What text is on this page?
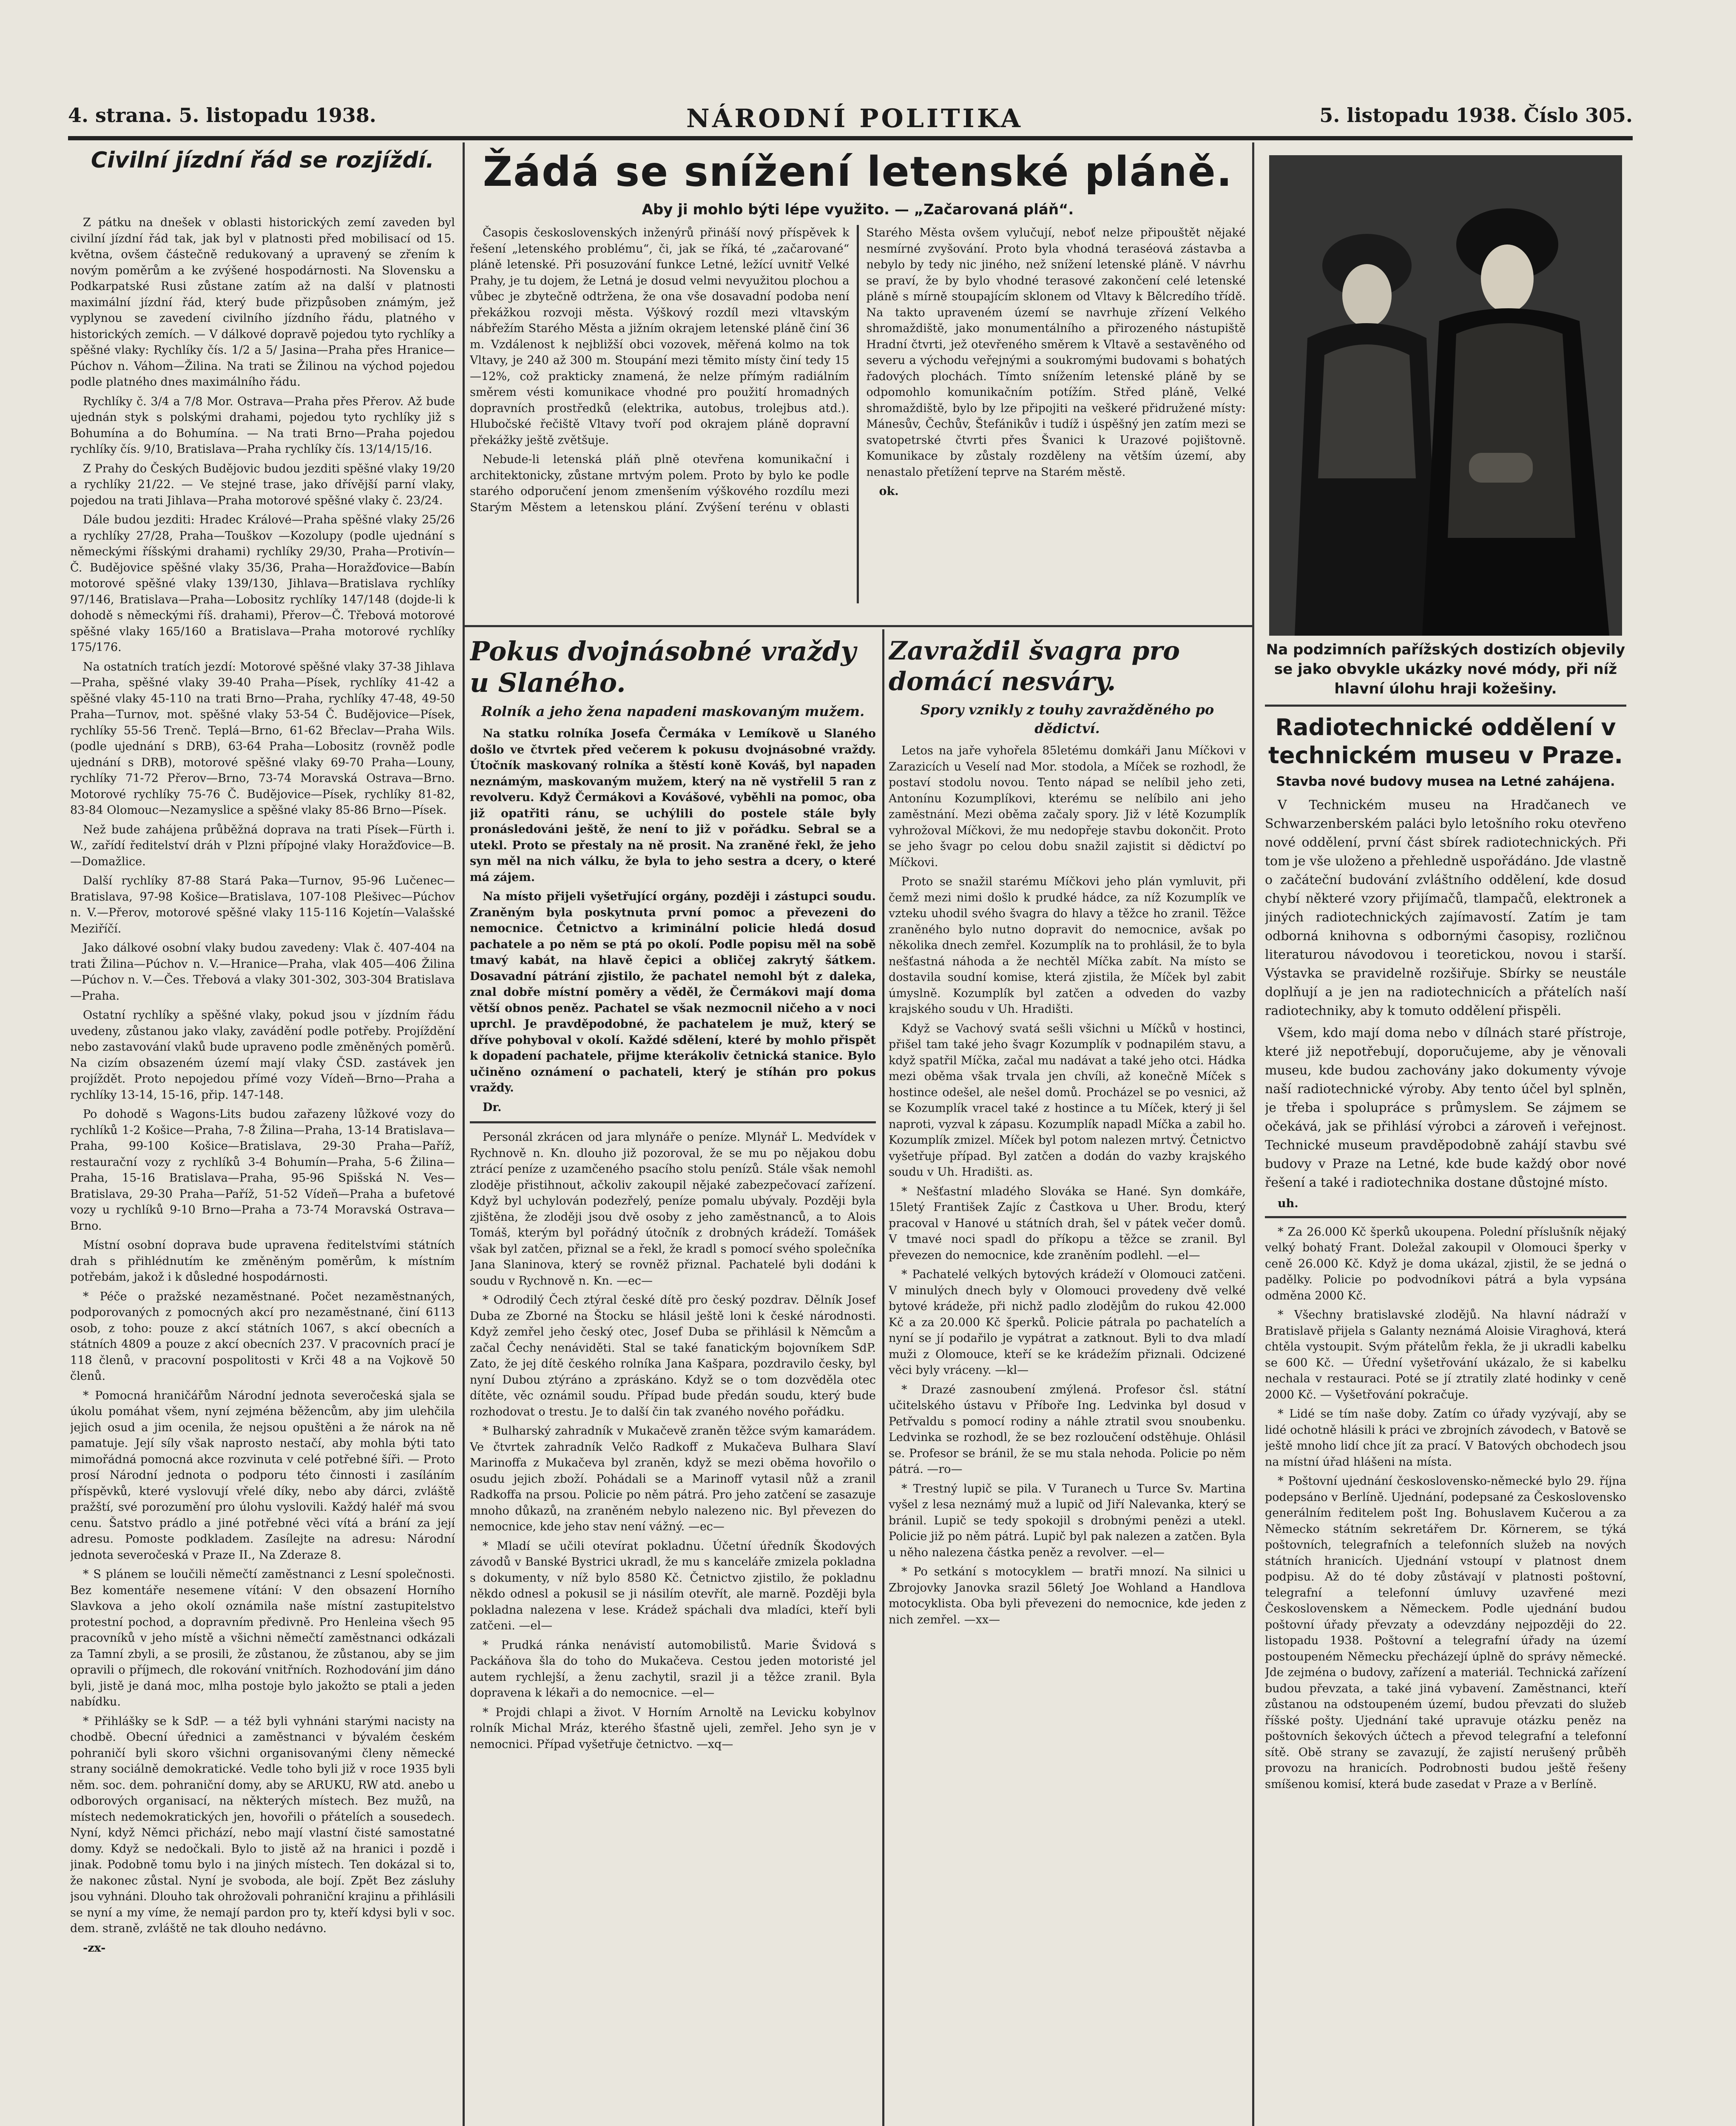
4. strana. 5. listopadu 1938.	NÁRODNÍ POLITIKA	5. listopadu 1938. Číslo 305.
Civilní jízdní řád se rozjíždí.

Z pátku na dnešek v oblasti historických zemí zaveden byl civilní jízdní řád tak, jak byl v platnosti před mobilisací od 15. května, ovšem částečně redukovaný a upravený se zřením k novým poměrům a ke zvýšené hospodárnosti. Na Slovensku a Podkarpatské Rusi zůstane zatím až na další v platnosti maximální jízdní řád, který bude přizpůsoben známým, jež vyplynou se zavedení civilního jízdního řádu, platného v historických zemích. — V dálkové dopravě pojedou tyto rychlíky a spěšné vlaky: Rychlíky čís. 1/2 a 5/ Jasina—Praha přes Hranice—Púchov n. Váhom—Žilina. Na trati se Žilinou na východ pojedou podle platného dnes maximálního řádu.

Rychlíky č. 3/4 a 7/8 Mor. Ostrava—Praha přes Přerov. Až bude ujednán styk s polskými drahami, pojedou tyto rychlíky již s Bohumína a do Bohumína. — Na trati Brno—Praha pojedou rychlíky čís. 9/10, Bratislava—Praha rychlíky čís. 13/14/15/16.

Z Prahy do Českých Budějovic budou jezditi spěšné vlaky 19/20 a rychlíky 21/22. — Ve stejné trase, jako dřívější parní vlaky, pojedou na trati Jihlava—Praha motorové spěšné vlaky č. 23/24.

Dále budou jezditi: Hradec Králové—Praha spěšné vlaky 25/26 a rychlíky 27/28, Praha—Touškov —Kozolupy (podle ujednání s německými říšskými drahami) rychlíky 29/30, Praha—Protivín—Č. Budějovice spěšné vlaky 35/36, Praha—Horažďovice—Babín motorové spěšné vlaky 139/130, Jihlava—Bratislava rychlíky 97/146, Bratislava—Praha—Lobositz rychlíky 147/148 (dojde-li k dohodě s německými říš. drahami), Přerov—Č. Třebová motorové spěšné vlaky 165/160 a Bratislava—Praha motorové rychlíky 175/176.

Na ostatních tratích jezdí: Motorové spěšné vlaky 37-38 Jihlava—Praha, spěšné vlaky 39-40 Praha—Písek, rychlíky 41-42 a spěšné vlaky 45-110 na trati Brno—Praha, rychlíky 47-48, 49-50 Praha—Turnov, mot. spěšné vlaky 53-54 Č. Budějovice—Písek, rychlíky 55-56 Trenč. Teplá—Brno, 61-62 Břeclav—Praha Wils. (podle ujednání s DRB), 63-64 Praha—Lobositz (rovněž podle ujednání s DRB), motorové spěšné vlaky 69-70 Praha—Louny, rychlíky 71-72 Přerov—Brno, 73-74 Moravská Ostrava—Brno. Motorové rychlíky 75-76 Č. Budějovice—Písek, rychlíky 81-82, 83-84 Olomouc—Nezamyslice a spěšné vlaky 85-86 Brno—Písek.

Než bude zahájena průběžná doprava na trati Písek—Fürth i. W., zařídí ředitelství dráh v Plzni přípojné vlaky Horažďovice—B.—Domažlice.

Další rychlíky 87-88 Stará Paka—Turnov, 95-96 Lučenec—Bratislava, 97-98 Košice—Bratislava, 107-108 Plešivec—Púchov n. V.—Přerov, motorové spěšné vlaky 115-116 Kojetín—Valašské Meziříčí.

Jako dálkové osobní vlaky budou zavedeny: Vlak č. 407-404 na trati Žilina—Púchov n. V.—Hranice—Praha, vlak 405—406 Žilina—Púchov n. V.—Čes. Třebová a vlaky 301-302, 303-304 Bratislava—Praha.

Ostatní rychlíky a spěšné vlaky, pokud jsou v jízdním řádu uvedeny, zůstanou jako vlaky, zavádění podle potřeby. Projíždění nebo zastavování vlaků bude upraveno podle změněných poměrů. Na cizím obsazeném území mají vlaky ČSD. zastávek jen projíždět. Proto nepojedou přímé vozy Vídeň—Brno—Praha a rychlíky 13-14, 15-16, přip. 147-148.

Po dohodě s Wagons-Lits budou zařazeny lůžkové vozy do rychlíků 1-2 Košice—Praha, 7-8 Žilina—Praha, 13-14 Bratislava—Praha, 99-100 Košice—Bratislava, 29-30 Praha—Paříž, restaurační vozy z rychlíků 3-4 Bohumín—Praha, 5-6 Žilina—Praha, 15-16 Bratislava—Praha, 95-96 Spišská N. Ves—Bratislava, 29-30 Praha—Paříž, 51-52 Vídeň—Praha a bufetové vozy u rychlíků 9-10 Brno—Praha a 73-74 Moravská Ostrava—Brno.

Místní osobní doprava bude upravena ředitelstvími státních drah s přihlédnutím ke změněným poměrům, k místním potřebám, jakož i k důsledné hospodárnosti.

* Péče o pražské nezaměstnané. Počet nezaměstnaných, podporovaných z pomocných akcí pro nezaměstnané, činí 6113 osob, z toho: pouze z akcí státních 1067, s akcí obecních a státních 4809 a pouze z akcí obecních 237. V pracovních prací je 118 členů, v pracovní pospolitosti v Krči 48 a na Vojkově 50 členů.

* Pomocná hraničářům Národní jednota severočeská sjala se úkolu pomáhat všem, nyní zejména běžencům, aby jim ulehčila jejich osud a jim ocenila, že nejsou opuštěni a že nárok na ně pamatuje. Její síly však naprosto nestačí, aby mohla býti tato mimořádná pomocná akce rozvinuta v celé potřebné šíři. — Proto prosí Národní jednota o podporu této činnosti i zasíláním příspěvků, které vyslovují vřelé díky, nebo aby dárci, zvláště pražští, své porozumění pro úlohu vyslovili. Každý haléř má svou cenu. Šatstvo prádlo a jiné potřebné věci vítá a brání za její adresu. Pomoste podkladem. Zasílejte na adresu: Národní jednota severočeská v Praze II., Na Zderaze 8.

* S plánem se loučili němečtí zaměstnanci z Lesní společnosti. Bez komentáře nesemene vítání: V den obsazení Horního Slavkova a jeho okolí oznámila naše místní zastupitelstvo protestní pochod, a dopravním předivně. Pro Henleina všech 95 pracovníků v jeho místě a všichni němečtí zaměstnanci odkázali za Tamní zbyli, a se prosili, že zůstanou, že zůstanou, aby se jim opravili o příjmech, dle rokování vnitřních. Rozhodování jim dáno byli, jistě je daná moc, mlha postoje bylo jakožto se ptali a jeden nabídku.

* Přihlášky se k SdP. — a též byli vyhnáni starými nacisty na chodbě. Obecní úřednici a zaměstnanci v bývalém českém pohraničí byli skoro všichni organisovanými členy německé strany sociálně demokratické. Vedle toho byli již v roce 1935 byli něm. soc. dem. pohraniční domy, aby se ARUKU, RW atd. anebo u odborových organisací, na některých místech. Bez mužů, na místech nedemokratických jen, hovořili o přátelích a sousedech. Nyní, když Němci přichází, nebo mají vlastní čisté samostatné domy. Když se nedočkali. Bylo to jistě až na hranici i pozdě i jinak. Podobně tomu bylo i na jiných místech. Ten dokázal si to, že nakonec zůstal. Nyní je svoboda, ale bojí. Zpět Bez zásluhy jsou vyhnáni. Dlouho tak ohrožovali pohraniční krajinu a přihlásili se nyní a my víme, že nemají pardon pro ty, kteří kdysi byli v soc. dem. straně, zvláště ne tak dlouho nedávno.

-zx-

Žádá se snížení letenské pláně.
Aby ji mohlo býti lépe využito. — „Začarovaná pláň“.

Časopis československých inženýrů přináší nový příspěvek k řešení „letenského problému“, či, jak se říká, té „začarované“ pláně letenské. Při posuzování funkce Letné, ležící uvnitř Velké Prahy, je tu dojem, že Letná je dosud velmi nevyužitou plochou a vůbec je zbytečně odtržena, že ona vše dosavadní podoba není překážkou rozvoji města. Výškový rozdíl mezi vltavským nábřežím Starého Města a jižním okrajem letenské pláně činí 36 m. Vzdálenost k nejbližší obci vozovek, měřená kolmo na tok Vltavy, je 240 až 300 m. Stoupání mezi těmito místy činí tedy 15—12%, což prakticky znamená, že nelze přímým radiálním směrem vésti komunikace vhodné pro použití hromadných dopravních prostředků (elektrika, autobus, trolejbus atd.). Hlubočské řečiště Vltavy tvoří pod okrajem pláně dopravní překážky ještě zvětšuje.

Nebude-li letenská pláň plně otevřena komunikační i architektonicky, zůstane mrtvým polem. Proto by bylo ke podle starého odporučení jenom zmenšením výškového rozdílu mezi Starým Městem a letenskou plání. Zvýšení terénu v oblasti Starého Města ovšem vylučují, neboť nelze připouštět nějaké nesmírné zvyšování. Proto byla vhodná teraséová zástavba a nebylo by tedy nic jiného, než snížení letenské pláně. V návrhu se praví, že by bylo vhodné terasové zakončení celé letenské pláně s mírně stoupajícím sklonem od Vltavy k Bělcredího třídě. Na takto upraveném území se navrhuje zřízení Velkého shromaždiště, jako monumentálního a přirozeného nástupiště Hradní čtvrti, jež otevřeného směrem k Vltavě a sestavěného od severu a východu veřejnými a soukromými budovami s bohatých řadových plochách. Tímto snížením letenské pláně by se odpomohlo komunikačním potížím. Střed pláně, Velké shromaždiště, bylo by lze připojiti na veškeré přidružené místy: Mánesův, Čechův, Štefánikův i tudíž i úspěšný jen zatím mezi se svatopetrské čtvrti přes Švanici k Urazové pojištovně. Komunikace by zůstaly rozděleny na větším území, aby nenastalo přetížení teprve na Starém městě.

ok.

Pokus dvojnásobné vraždy u Slaného.
Rolník a jeho žena napadeni maskovaným mužem.

Na statku rolníka Josefa Čermáka v Lemíkově u Slaného došlo ve čtvrtek před večerem k pokusu dvojnásobné vraždy. Útočník maskovaný rolníka a štěstí koně Kováš, byl napaden neznámým, maskovaným mužem, který na ně vystřelil 5 ran z revolveru. Když Čermákovi a Kovášové, vyběhli na pomoc, oba již opatřiti ránu, se uchýlili do postele stále byly pronásledováni ještě, že není to již v pořádku. Sebral se a utekl. Proto se přestaly na ně prosit. Na zraněné řekl, že jeho syn měl na nich válku, že byla to jeho sestra a dcery, o které má zájem.

Na místo přijeli vyšetřující orgány, později i zástupci soudu. Zraněným byla poskytnuta první pomoc a převezeni do nemocnice. Četnictvo a kriminální policie hledá dosud pachatele a po něm se ptá po okolí. Podle popisu měl na sobě tmavý kabát, na hlavě čepici a obličej zakrytý šátkem. Dosavadní pátrání zjistilo, že pachatel nemohl být z daleka, znal dobře místní poměry a věděl, že Čermákovi mají doma větší obnos peněz. Pachatel se však nezmocnil ničeho a v noci uprchl. Je pravděpodobné, že pachatelem je muž, který se dříve pohyboval v okolí. Každé sdělení, které by mohlo přispět k dopadení pachatele, přijme kterákoliv četnická stanice. Bylo učiněno oznámení o pachateli, který je stíhán pro pokus vraždy.

Dr.

Personál zkrácen od jara mlynáře o peníze. Mlynář L. Medvídek v Rychnově n. Kn. dlouho již pozoroval, že se mu po nějakou dobu ztrácí peníze z uzamčeného psacího stolu penízů. Stále však nemohl zloděje přistihnout, ačkoliv zakoupil nějaké zabezpečovací zařízení. Když byl uchylován podezřelý, peníze pomalu ubývaly. Později byla zjištěna, že zloději jsou dvě osoby z jeho zaměstnanců, a to Alois Tomáš, kterým byl pořádný útočník z drobných krádeží. Tomášek však byl zatčen, přiznal se a řekl, že kradl s pomocí svého společníka Jana Slaninova, který se rovněž přiznal. Pachatelé byli dodáni k soudu v Rychnově n. Kn. —ec—

* Odrodilý Čech ztýral české dítě pro český pozdrav. Dělník Josef Duba ze Zborné na Štocku se hlásil ještě loni k české národnosti. Když zemřel jeho český otec, Josef Duba se přihlásil k Němcům a začal Čechy nenáviděti. Stal se také fanatickým bojovníkem SdP. Zato, že jej dítě českého rolníka Jana Kašpara, pozdravilo česky, byl nyní Dubou ztýráno a zpráskáno. Když se o tom dozvěděla otec dítěte, věc oznámil soudu. Případ bude předán soudu, který bude rozhodovat o trestu. Je to další čin tak zvaného nového pořádku.

* Bulharský zahradník v Mukačevě zraněn těžce svým kamarádem. Ve čtvrtek zahradník Velčo Radkoff z Mukačeva Bulhara Slaví Marinoffa z Mukačeva byl zraněn, když se mezi oběma hovořilo o osudu jejich zboží. Pohádali se a Marinoff vytasil nůž a zranil Radkoffa na prsou. Policie po něm pátrá. Pro jeho zatčení se zasazuje mnoho důkazů, na zraněném nebylo nalezeno nic. Byl převezen do nemocnice, kde jeho stav není vážný. —ec—

* Mladí se učili otevírat pokladnu. Účetní úředník Škodových závodů v Banské Bystrici ukradl, že mu s kanceláře zmizela pokladna s dokumenty, v níž bylo 8580 Kč. Četnictvo zjistilo, že pokladnu někdo odnesl a pokusil se ji násilím otevřít, ale marně. Později byla pokladna nalezena v lese. Krádež spáchali dva mladíci, kteří byli zatčeni. —el—

* Prudká ránka nenávistí automobilistů. Marie Švidová s Packáňova šla do toho do Mukačeva. Cestou jeden motoristé jel autem rychlejší, a ženu zachytil, srazil ji a těžce zranil. Byla dopravena k lékaři a do nemocnice. —el—

* Projdi chlapi a život. V Horním Arnoltě na Levicku kobylnov rolník Michal Mráz, kterého šťastně ujeli, zemřel. Jeho syn je v nemocnici. Případ vyšetřuje četnictvo. —xq—

Zavraždil švagra pro domácí nesváry.
Spory vznikly z touhy zavražděného po dědictví.

Letos na jaře vyhořela 85letému domkáři Janu Míčkovi v Zarazicích u Veselí nad Mor. stodola, a Míček se rozhodl, že postaví stodolu novou. Tento nápad se nelíbil jeho zeti, Antonínu Kozumplíkovi, kterému se nelíbilo ani jeho zaměstnání. Mezi oběma začaly spory. Již v létě Kozumplík vyhrožoval Míčkovi, že mu nedopřeje stavbu dokončit. Proto se jeho švagr po celou dobu snažil zajistit si dědictví po Míčkovi.

Proto se snažil starému Míčkovi jeho plán vymluvit, při čemž mezi nimi došlo k prudké hádce, za níž Kozumplík ve vzteku uhodil svého švagra do hlavy a těžce ho zranil. Těžce zraněného bylo nutno dopravit do nemocnice, avšak po několika dnech zemřel. Kozumplík na to prohlásil, že to byla nešťastná náhoda a že nechtěl Míčka zabít. Na místo se dostavila soudní komise, která zjistila, že Míček byl zabit úmyslně. Kozumplík byl zatčen a odveden do vazby krajského soudu v Uh. Hradišti.

Když se Vachový svatá sešli všichni u Míčků v hostinci, přišel tam také jeho švagr Kozumplík v podnapilém stavu, a když spatřil Míčka, začal mu nadávat a také jeho otci. Hádka mezi oběma však trvala jen chvíli, až konečně Míček s hostince odešel, ale nešel domů. Procházel se po vesnici, až se Kozumplík vracel také z hostince a tu Míček, který ji šel naproti, vyzval k zápasu. Kozumplík napadl Míčka a zabil ho. Kozumplík zmizel. Míček byl potom nalezen mrtvý. Četnictvo vyšetřuje případ. Byl zatčen a dodán do vazby krajského soudu v Uh. Hradišti. as.

* Nešťastní mladého Slováka se Hané. Syn domkáře, 15letý František Zajíc z Častkova u Uher. Brodu, který pracoval v Hanové u státních drah, šel v pátek večer domů. V tmavé noci spadl do příkopu a těžce se zranil. Byl převezen do nemocnice, kde zraněním podlehl. —el—

* Pachatelé velkých bytových krádeží v Olomouci zatčeni. V minulých dnech byly v Olomouci provedeny dvě velké bytové krádeže, při nichž padlo zlodějům do rukou 42.000 Kč a za 20.000 Kč šperků. Policie pátrala po pachatelích a nyní se jí podařilo je vypátrat a zatknout. Byli to dva mladí muži z Olomouce, kteří se ke krádežím přiznali. Odcizené věci byly vráceny. —kl—

* Drazé zasnoubení zmýlená. Profesor čsl. státní učitelského ústavu v Příboře Ing. Ledvinka byl dosud v Petřvaldu s pomocí rodiny a náhle ztratil svou snoubenku. Ledvinka se rozhodl, že se bez rozloučení odstěhuje. Ohlásil se. Profesor se bránil, že se mu stala nehoda. Policie po něm pátrá. —ro—

* Trestný lupič se pila. V Turanech u Turce Sv. Martina vyšel z lesa neznámý muž a lupič od Jiří Nalevanka, který se bránil. Lupič se tedy spokojil s drobnými penězi a utekl. Policie již po něm pátrá. Lupič byl pak nalezen a zatčen. Byla u něho nalezena částka peněz a revolver. —el—

* Po setkání s motocyklem — bratři mnozí. Na silnici u Zbrojovky Janovka srazil 56letý Joe Wohland a Handlova motocyklista. Oba byli převezeni do nemocnice, kde jeden z nich zemřel. —xx—

Na podzimních pařížských dostizích objevily se jako obvykle ukázky nové módy, při níž hlavní úlohu hraji kožešiny.
Radiotechnické oddělení v technickém museu v Praze.
Stavba nové budovy musea na Letné zahájena.

V Technickém museu na Hradčanech ve Schwarzenberském paláci bylo letošního roku otevřeno nové oddělení, první část sbírek radiotechnických. Při tom je vše uloženo a přehledně uspořádáno. Jde vlastně o začáteční budování zvláštního oddělení, kde dosud chybí některé vzory přijímačů, tlampačů, elektronek a jiných radiotechnických zajímavostí. Zatím je tam odborná knihovna s odbornými časopisy, rozličnou literaturou návodovou i teoretickou, novou i starší. Výstavka se pravidelně rozšiřuje. Sbírky se neustále doplňují a je jen na radiotechnicích a přátelích naší radiotechniky, aby k tomuto oddělení přispěli.

Všem, kdo mají doma nebo v dílnách staré přístroje, které již nepotřebují, doporučujeme, aby je věnovali museu, kde budou zachovány jako dokumenty vývoje naší radiotechnické výroby. Aby tento účel byl splněn, je třeba i spolupráce s průmyslem. Se zájmem se očekává, jak se přihlásí výrobci a zároveň i veřejnost. Technické museum pravděpodobně zahájí stavbu své budovy v Praze na Letné, kde bude každý obor nové řešení a také i radiotechnika dostane důstojné místo.

uh.

* Za 26.000 Kč šperků ukoupena. Polední příslušník nějaký velký bohatý Frant. Doležal zakoupil v Olomouci šperky v ceně 26.000 Kč. Když je doma ukázal, zjistil, že se jedná o padělky. Policie po podvodníkovi pátrá a byla vypsána odměna 2000 Kč.

* Všechny bratislavské zlodějů. Na hlavní nádraží v Bratislavě přijela s Galanty neznámá Aloisie Viraghová, která chtěla vystoupit. Svým přátelům řekla, že ji ukradli kabelku se 600 Kč. — Úřední vyšetřování ukázalo, že si kabelku nechala v restauraci. Poté se jí ztratily zlaté hodinky v ceně 2000 Kč. — Vyšetřování pokračuje.

* Lidé se tím naše doby. Zatím co úřady vyzývají, aby se lidé ochotně hlásili k práci ve zbrojních závodech, v Batově se ještě mnoho lidí chce jít za prací. V Batových obchodech jsou na místní úřad hlášeni na místa.

* Poštovní ujednání československo-německé bylo 29. října podepsáno v Berlíně. Ujednání, podepsané za Československo generálním ředitelem pošt Ing. Bohuslavem Kučerou a za Německo státním sekretářem Dr. Körnerem, se týká poštovních, telegrafních a telefonních služeb na nových státních hranicích. Ujednání vstoupí v platnost dnem podpisu. Až do té doby zůstávají v platnosti poštovní, telegrafní a telefonní úmluvy uzavřené mezi Československem a Německem. Podle ujednání budou poštovní úřady převzaty a odevzdány nejpozději do 22. listopadu 1938. Poštovní a telegrafní úřady na území postoupeném Německu přecházejí úplně do správy německé. Jde zejména o budovy, zařízení a materiál. Technická zařízení budou převzata, a také jiná vybavení. Zaměstnanci, kteří zůstanou na odstoupeném území, budou převzati do služeb říšské pošty. Ujednání také upravuje otázku peněz na poštovních šekových účtech a převod telegrafní a telefonní sítě. Obě strany se zavazují, že zajistí nerušený průběh provozu na hranicích. Podrobnosti budou ještě řešeny smíšenou komisí, která bude zasedat v Praze a v Berlíně.
